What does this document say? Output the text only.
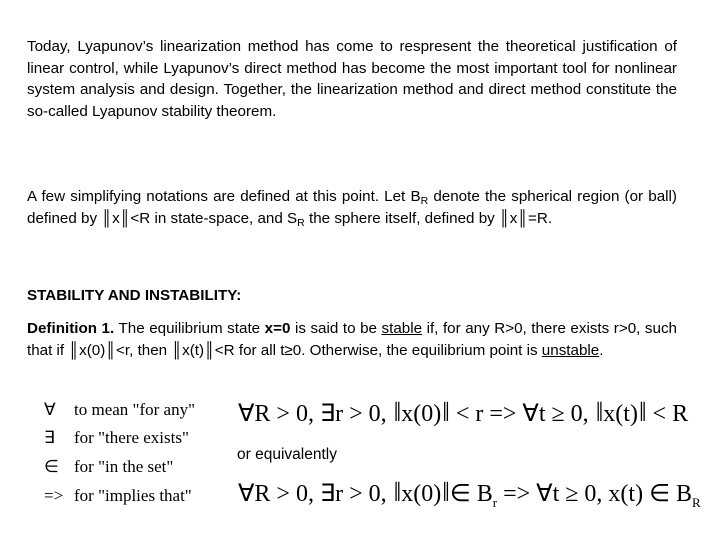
Today, Lyapunov’s linearization method has come to respresent the theoretical justification of linear control, while Lyapunov’s direct method has become the most important tool for nonlinear system analysis and design. Together, the linearization method and direct method constitute the so-called Lyapunov stability theorem.

A few simplifying notations are defined at this point. Let $B_R$ denote the spherical region (or ball) defined by ║x║<R in state-space, and $S_R$ the sphere itself, defined by ║x║=R.

STABILITY AND INSTABILITY:

Definition 1. The equilibrium state x=0 is said to be stable if, for any R>0, there exists r>0, such that if ║x(0)║<r, then ║x(t)║<R for all t≥0. Otherwise, the equilibrium point is unstable.

∀	to mean "for any"
∃	for "there exists"
∈ for "in the set"
=> for "implies that"
∀R > 0, ∃r > 0, ‖ x(0)‖ < r => ∀t ≥ 0, ‖ x(t)‖ < R

or equivalently

∀R > 0, ∃r > 0, ‖ x(0)‖ ∈ $B_r$ => ∀t ≥ 0, x(t) ∈ $B_R$
